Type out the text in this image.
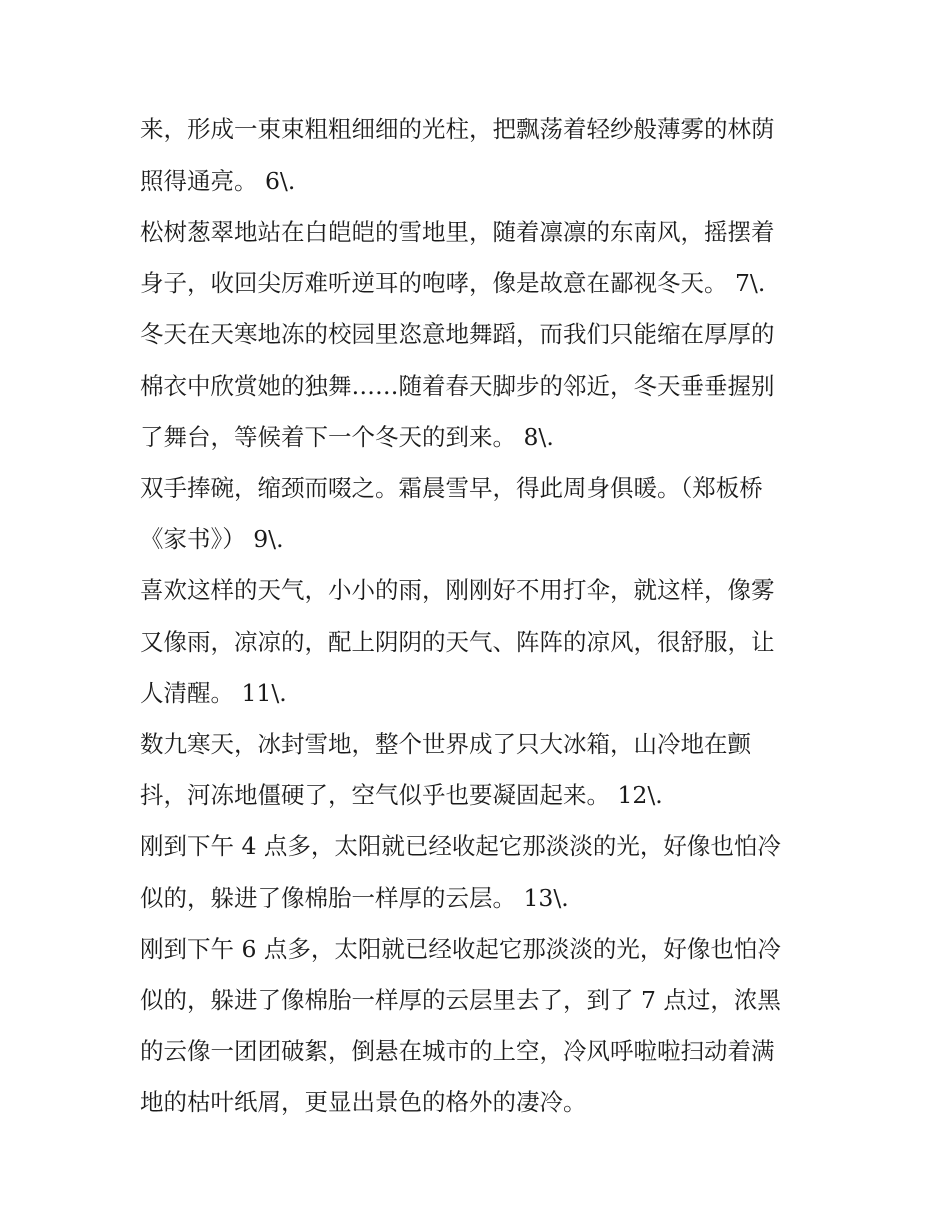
来，形成一束束粗粗细细的光柱，把飘荡着轻纱般薄雾的林荫
照得通亮。 6\.
松树葱翠地站在白皑皑的雪地里，随着凛凛的东南风，摇摆着
身子，收回尖厉难听逆耳的咆哮，像是故意在鄙视冬天。 7\.
冬天在天寒地冻的校园里恣意地舞蹈，而我们只能缩在厚厚的
棉衣中欣赏她的独舞……随着春天脚步的邻近，冬天垂垂握别
了舞台，等候着下一个冬天的到来。 8\.
双手捧碗，缩颈而啜之。霜晨雪早，得此周身俱暖。（郑板桥
《家书》） 9\.
喜欢这样的天气，小小的雨，刚刚好不用打伞，就这样，像雾
又像雨，凉凉的，配上阴阴的天气、阵阵的凉风，很舒服，让
人清醒。 11\.
数九寒天，冰封雪地，整个世界成了只大冰箱，山冷地在颤
抖，河冻地僵硬了，空气似乎也要凝固起来。 12\.
刚到下午 4 点多，太阳就已经收起它那淡淡的光，好像也怕冷
似的，躲进了像棉胎一样厚的云层。 13\.
刚到下午 6 点多，太阳就已经收起它那淡淡的光，好像也怕冷
似的，躲进了像棉胎一样厚的云层里去了，到了 7 点过，浓黑
的云像一团团破絮，倒悬在城市的上空，冷风呼啦啦扫动着满
地的枯叶纸屑，更显出景色的格外的凄冷。
